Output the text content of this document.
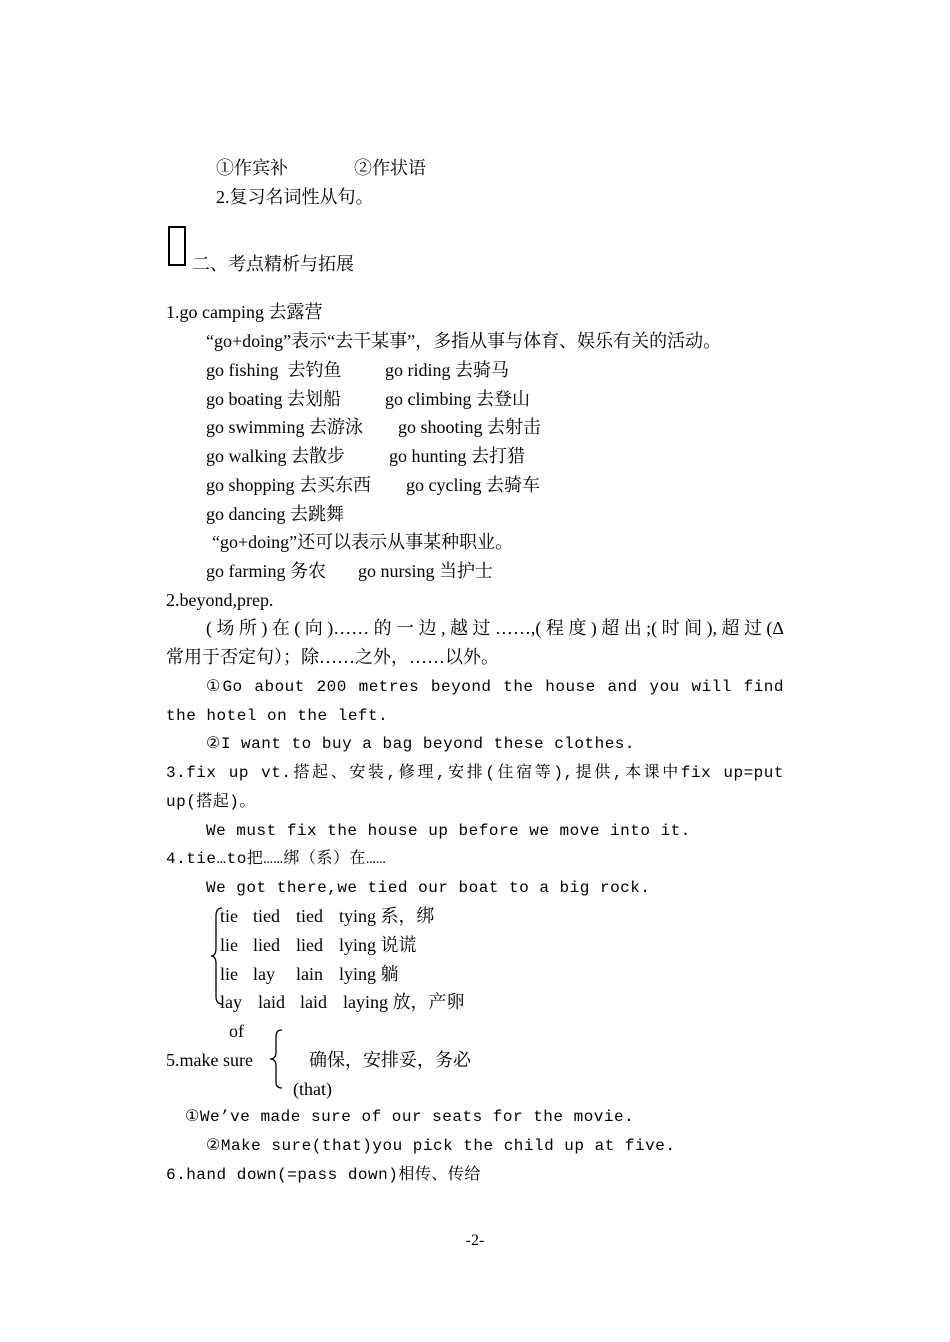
①作宾补	②作状语
2.复习名词性从句。
二、考点精析与拓展
1.go camping 去露营
“go+doing”表示“去干某事”，多指从事与体育、娱乐有关的活动。
go fishing  去钓鱼 go riding 去骑马
go boating 去划船 go climbing 去登山
go swimming 去游泳 go shooting 去射击
go walking 去散步 go hunting 去打猎
go shopping 去买东西 go cycling 去骑车
go dancing 去跳舞
“go+doing”还可以表示从事某种职业。
go farming 务农 go nursing 当护士
2.beyond,prep.
(场所)在(向)……的一边,越过……,(程度)超出;(时间),超过(Δ
常用于否定句）；除……之外，……以外。
①Go about 200 metres beyond the house and you will find
the hotel on the left.
②I want to buy a bag beyond these clothes.
3.fix up vt.搭起、安装,修理,安排(住宿等),提供,本课中fix up=put
up(搭起)。
We must fix the house up before we move into it.
4.tie…to把……绑（系）在……
We got there,we tied our boat to a big rock.
tie tied tied tying 系，绑
lie lied lied lying 说谎
lie lay lain lying 躺
lay laid laid laying 放，产卵
of
5.make sure	确保，安排妥，务必
(that)
①We’ve made sure of our seats for the movie.
②Make sure(that)you pick the child up at five.
6.hand down(=pass down)相传、传给
-2-
